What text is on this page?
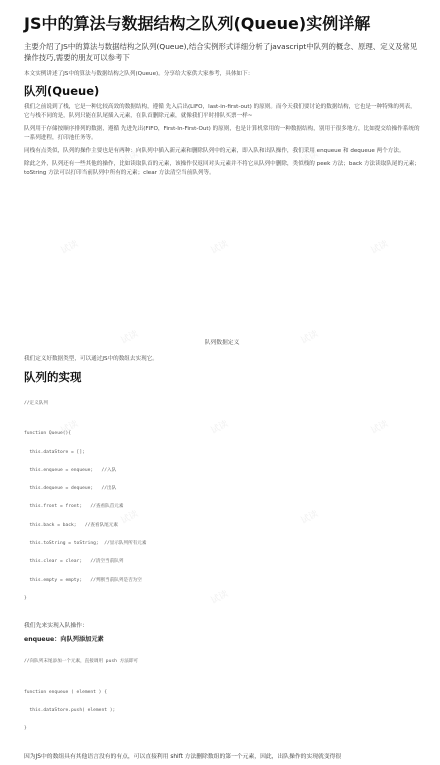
JS中的算法与数据结构之队列(Queue)实例详解
主要介绍了JS中的算法与数据结构之队列(Queue),结合实例形式详细分析了javascript中队列的概念、原理、定义及常见操作技巧,需要的朋友可以参考下
本文实例讲述了JS中的算法与数据结构之队列(Queue)。分享给大家供大家参考，具体如下：
队列(Queue)
我们之前说到了栈，它是一种比较高效的数据结构，遵循 先入后出(LIFO，last-in-first-out) 的原则。而今天我们要讨论的数据结构，它也是一种特殊的列表，它与栈不同的是，队列只能在队尾插入元素，在队首删除元素，就像我们平时排队买票一样~
队列用于存储按顺序排列的数据，遵循 先进先出(FIFO，First-In-First-Out) 的原则，也是计算机常用的一种数据结构，别用于很多地方，比如提交给操作系统的一系列进程，打印池任务等。
同栈有点类似，队列的操作主要也是有两种：向队列中插入新元素和删除队列中的元素，即入队和出队操作，我们采用 enqueue 和 dequeue 两个方法。
除此之外，队列还有一些其他的操作，比如读取队首的元素，该操作仅返回对头元素并不将它从队列中删除，类似栈的 peek 方法；back 方法读取队尾的元素；toString 方法可以打印当前队列中所有的元素；clear 方法清空当前队列等。
队列数据定义
我们定义好数据类型，可以通过JS中的数组去实现它。
队列的实现

//定义队列

function Queue(){

this.dataStore = [];

this.enqueue = enqueue;   //入队

this.dequeue = dequeue;   //出队

this.front = front;   //查看队首元素

this.back = back;   //查看队尾元素

this.toString = toString;  //显示队列所有元素

this.clear = clear;   //清空当前队列

this.empty = empty;   //判断当前队列是否为空

}

我们先来实现入队操作：
enqueue：向队列添加元素

//向队列末尾添加一个元素，直接调用 push 方法即可

function enqueue ( element ) {

this.dataStore.push( element );

}

因为JS中的数组具有其他语言没有的有点，可以直接利用 shift 方法删除数组的第一个元素，因此，出队操作的实现就变得很
试读	试读
试读	试读	试读
试读	试读
试读	试读	试读
试读	试读
试读
